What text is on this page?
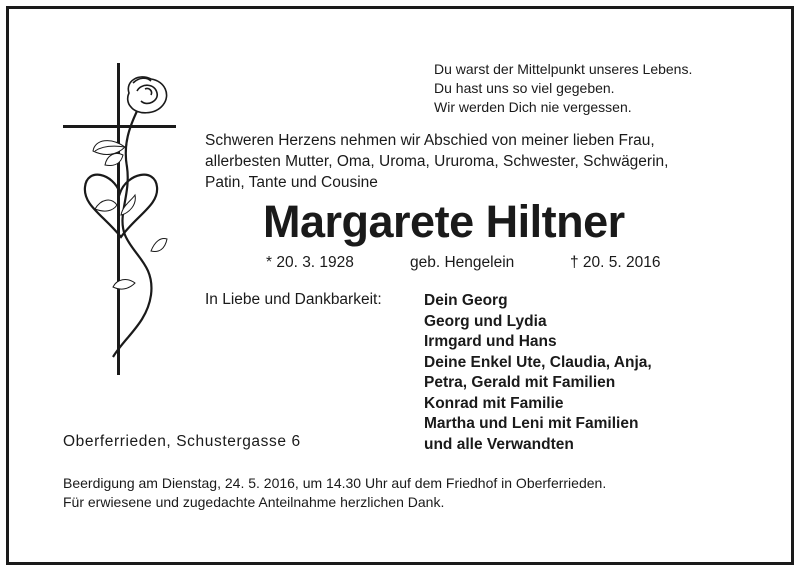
Du warst der Mittelpunkt unseres Lebens.
Du hast uns so viel gegeben.
Wir werden Dich nie vergessen.
Schweren Herzens nehmen wir Abschied von meiner lieben Frau,
allerbesten Mutter, Oma, Uroma, Ururoma, Schwester, Schwägerin,
Patin, Tante und Cousine
Margarete Hiltner
* 20. 3. 1928	geb. Hengelein	† 20. 5. 2016
In Liebe und Dankbarkeit:	Dein Georg
Georg und Lydia
Irmgard und Hans
Deine Enkel Ute, Claudia, Anja,
Petra, Gerald mit Familien
Konrad mit Familie
Martha und Leni mit Familien
und alle Verwandten
Oberferrieden, Schustergasse 6
Beerdigung am Dienstag, 24. 5. 2016, um 14.30 Uhr auf dem Friedhof in Oberferrieden.
Für erwiesene und zugedachte Anteilnahme herzlichen Dank.
